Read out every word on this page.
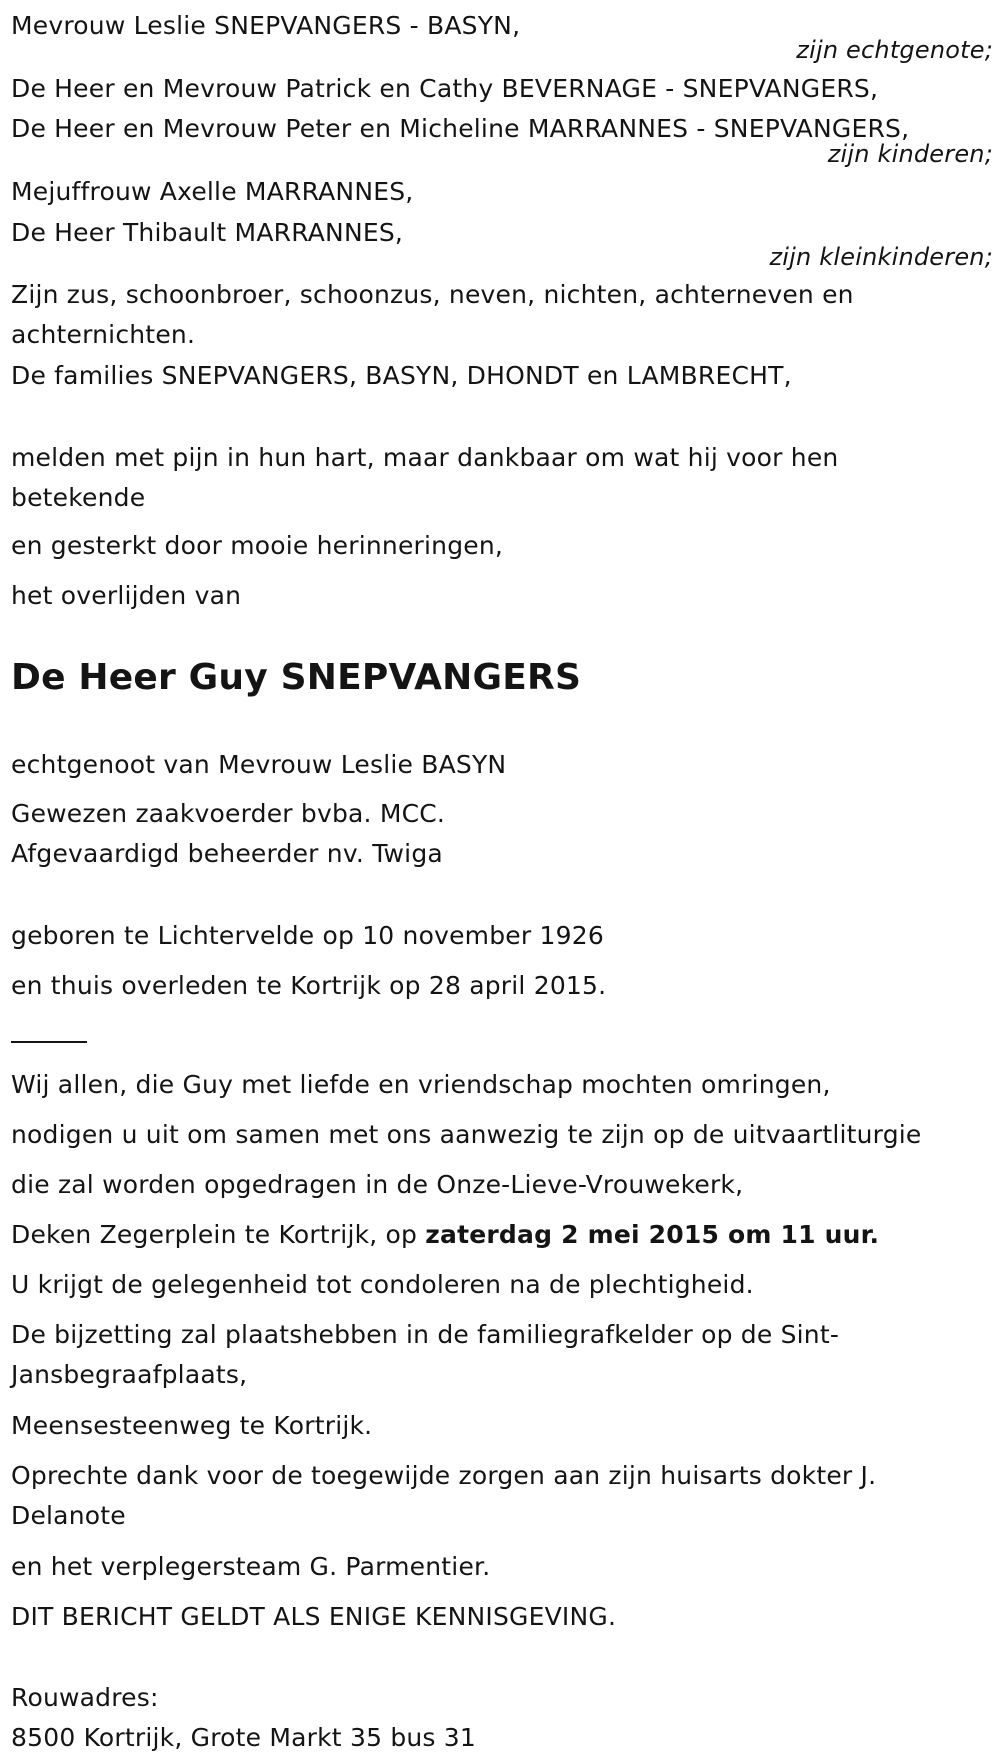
Mevrouw Leslie SNEPVANGERS - BASYN,
zijn echtgenote;
De Heer en Mevrouw Patrick en Cathy BEVERNAGE - SNEPVANGERS,
De Heer en Mevrouw Peter en Micheline MARRANNES - SNEPVANGERS,
zijn kinderen;
Mejuffrouw Axelle MARRANNES,
De Heer Thibault MARRANNES,
zijn kleinkinderen;
Zijn zus, schoonbroer, schoonzus, neven, nichten, achterneven en achternichten.
De families SNEPVANGERS, BASYN, DHONDT en LAMBRECHT,
melden met pijn in hun hart, maar dankbaar om wat hij voor hen betekende
en gesterkt door mooie herinneringen,
het overlijden van
De Heer Guy SNEPVANGERS
echtgenoot van Mevrouw Leslie BASYN
Gewezen zaakvoerder bvba. MCC.
Afgevaardigd beheerder nv. Twiga
geboren te Lichtervelde op 10 november 1926
en thuis overleden te Kortrijk op 28 april 2015.
Wij allen, die Guy met liefde en vriendschap mochten omringen,
nodigen u uit om samen met ons aanwezig te zijn op de uitvaartliturgie
die zal worden opgedragen in de Onze-Lieve-Vrouwekerk,
Deken Zegerplein te Kortrijk, op zaterdag 2 mei 2015 om 11 uur.
U krijgt de gelegenheid tot condoleren na de plechtigheid.
De bijzetting zal plaatshebben in de familiegrafkelder op de Sint-Jansbegraafplaats,
Meensesteenweg te Kortrijk.
Oprechte dank voor de toegewijde zorgen aan zijn huisarts dokter J. Delanote
en het verplegersteam G. Parmentier.
DIT BERICHT GELDT ALS ENIGE KENNISGEVING.
Rouwadres:
8500 Kortrijk, Grote Markt 35 bus 31
